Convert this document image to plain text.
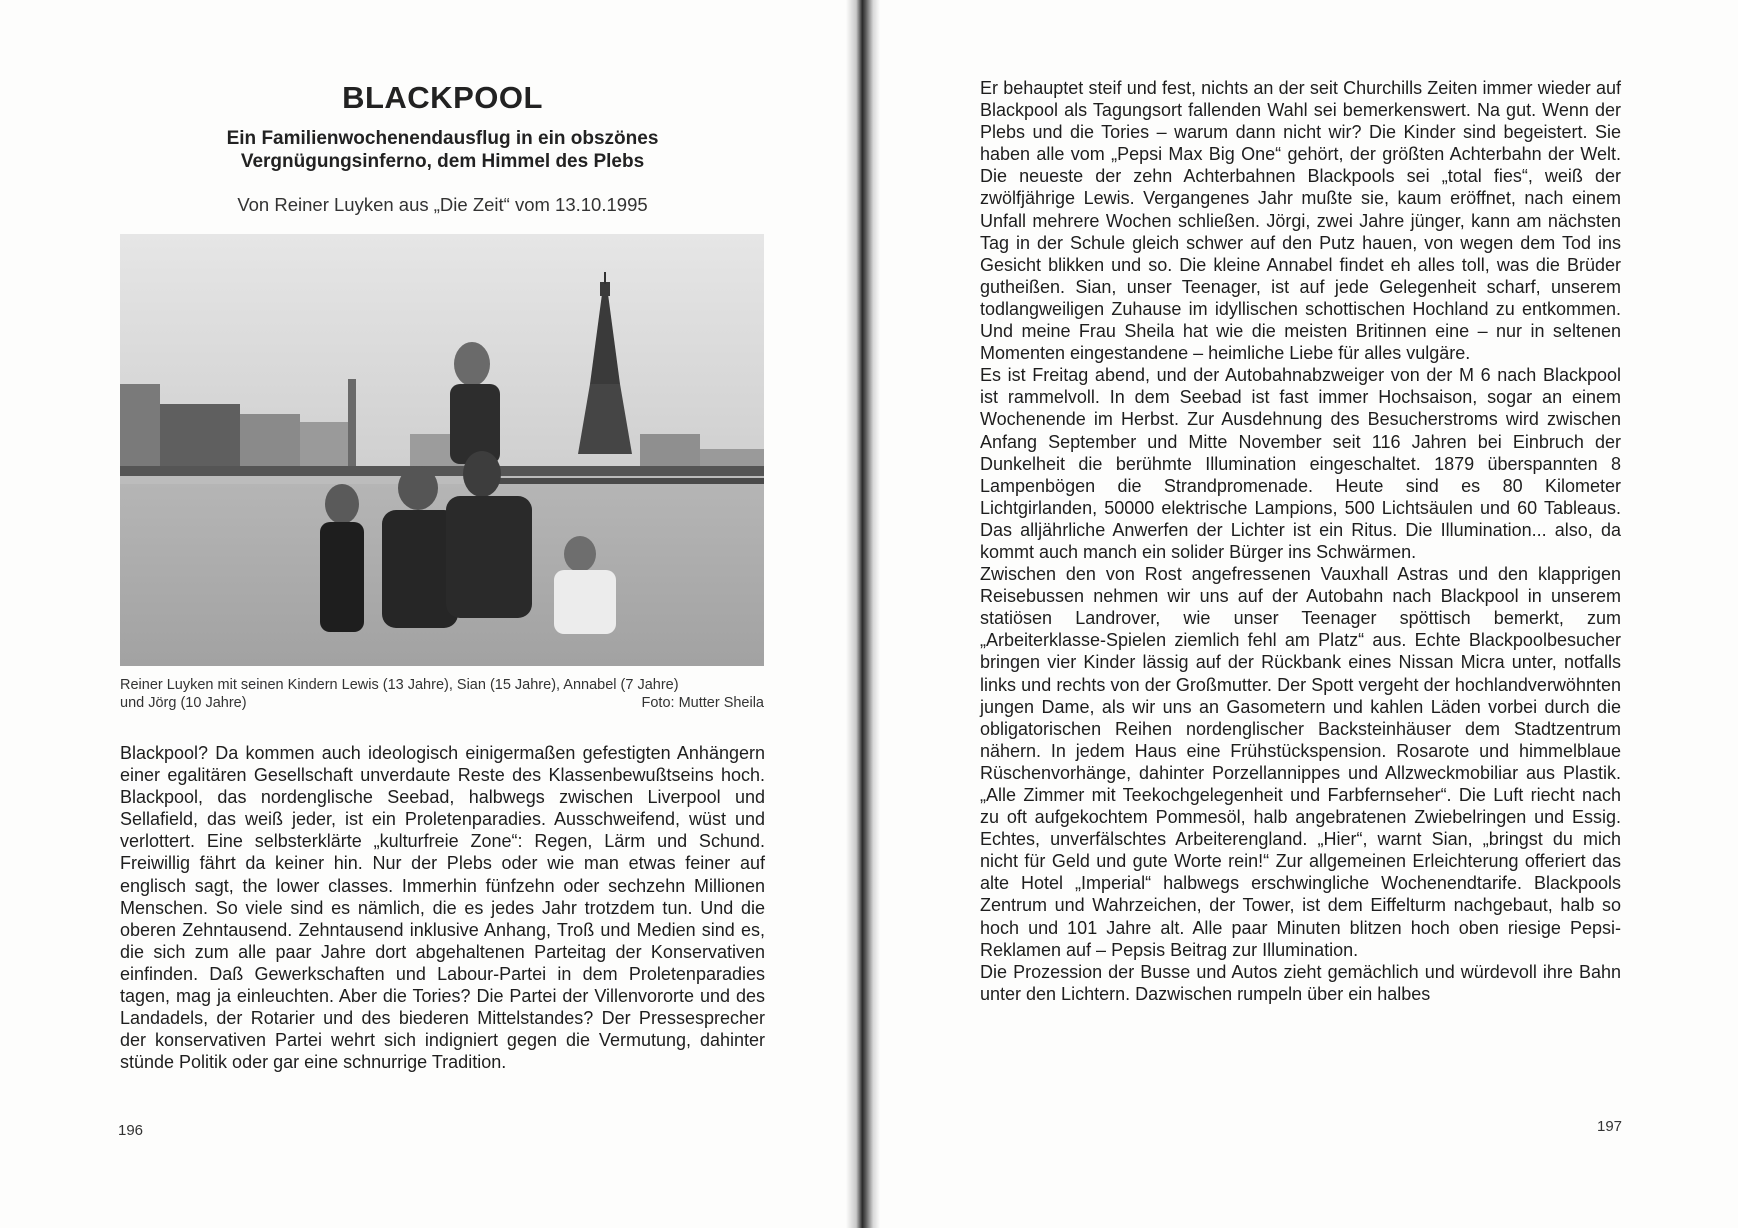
BLACKPOOL
Ein Familienwochenendausflug in ein obszönes
Vergnügungsinferno, dem Himmel des Plebs
Von Reiner Luyken aus „Die Zeit“ vom 13.10.1995
Reiner Luyken mit seinen Kindern Lewis (13 Jahre), Sian (15 Jahre), Annabel (7 Jahre)
und Jörg (10 Jahre)	Foto: Mutter Sheila

Blackpool? Da kommen auch ideologisch einigermaßen gefestigten Anhängern einer egalitären Gesellschaft unverdaute Reste des Klassenbewußtseins hoch. Blackpool, das nordenglische Seebad, halbwegs zwischen Liverpool und Sellafield, das weiß jeder, ist ein Proletenparadies. Ausschweifend, wüst und verlottert. Eine selbsterklärte „kulturfreie Zone“: Regen, Lärm und Schund. Freiwillig fährt da keiner hin. Nur der Plebs oder wie man etwas feiner auf englisch sagt, the lower classes. Immerhin fünfzehn oder sechzehn Millionen Menschen. So viele sind es nämlich, die es jedes Jahr trotzdem tun. Und die oberen Zehntausend. Zehntausend inklusive Anhang, Troß und Medien sind es, die sich zum alle paar Jahre dort abgehaltenen Parteitag der Konservativen einfinden. Daß Gewerkschaften und Labour-Partei in dem Proletenparadies tagen, mag ja einleuchten. Aber die Tories? Die Partei der Villenvororte und des Landadels, der Rotarier und des biederen Mittelstandes? Der Pressesprecher der konservativen Partei wehrt sich indigniert gegen die Vermutung, dahinter stünde Politik oder gar eine schnurrige Tradition.

196	197

Er behauptet steif und fest, nichts an der seit Churchills Zeiten immer wieder auf Blackpool als Tagungsort fallenden Wahl sei bemerkenswert. Na gut. Wenn der Plebs und die Tories – warum dann nicht wir? Die Kinder sind begeistert. Sie haben alle vom „Pepsi Max Big One“ gehört, der größten Achterbahn der Welt. Die neueste der zehn Achterbahnen Blackpools sei „total fies“, weiß der zwölfjährige Lewis. Vergangenes Jahr mußte sie, kaum eröffnet, nach einem Unfall mehrere Wochen schließen. Jörgi, zwei Jahre jünger, kann am nächsten Tag in der Schule gleich schwer auf den Putz hauen, von wegen dem Tod ins Gesicht blikken und so. Die kleine Annabel findet eh alles toll, was die Brüder gutheißen. Sian, unser Teenager, ist auf jede Gelegenheit scharf, unserem todlangweiligen Zuhause im idyllischen schottischen Hochland zu entkommen. Und meine Frau Sheila hat wie die meisten Britinnen eine – nur in seltenen Momenten eingestandene – heimliche Liebe für alles vulgäre.

Es ist Freitag abend, und der Autobahnabzweiger von der M 6 nach Blackpool ist rammelvoll. In dem Seebad ist fast immer Hochsaison, sogar an einem Wochenende im Herbst. Zur Ausdehnung des Besucherstroms wird zwischen Anfang September und Mitte November seit 116 Jahren bei Einbruch der Dunkelheit die berühmte Illumination eingeschaltet. 1879 überspannten 8 Lampenbögen die Strandpromenade. Heute sind es 80 Kilometer Lichtgirlanden, 50000 elektrische Lampions, 500 Lichtsäulen und 60 Tableaus. Das alljährliche Anwerfen der Lichter ist ein Ritus. Die Illumination... also, da kommt auch manch ein solider Bürger ins Schwärmen.

Zwischen den von Rost angefressenen Vauxhall Astras und den klapprigen Reisebussen nehmen wir uns auf der Autobahn nach Blackpool in unserem statiösen Landrover, wie unser Teenager spöttisch bemerkt, zum „Arbeiterklasse-Spielen ziemlich fehl am Platz“ aus. Echte Blackpoolbesucher bringen vier Kinder lässig auf der Rückbank eines Nissan Micra unter, notfalls links und rechts von der Großmutter. Der Spott vergeht der hochlandverwöhnten jungen Dame, als wir uns an Gasometern und kahlen Läden vorbei durch die obligatorischen Reihen nordenglischer Backsteinhäuser dem Stadtzentrum nähern. In jedem Haus eine Frühstückspension. Rosarote und himmelblaue Rüschenvorhänge, dahinter Porzellannippes und Allzweckmobiliar aus Plastik. „Alle Zimmer mit Teekochgelegenheit und Farbfernseher“. Die Luft riecht nach zu oft aufgekochtem Pommesöl, halb angebratenen Zwiebelringen und Essig. Echtes, unverfälschtes Arbeiterengland. „Hier“, warnt Sian, „bringst du mich nicht für Geld und gute Worte rein!“ Zur allgemeinen Erleichterung offeriert das alte Hotel „Imperial“ halbwegs erschwingliche Wochenendtarife. Blackpools Zentrum und Wahrzeichen, der Tower, ist dem Eiffelturm nachgebaut, halb so hoch und 101 Jahre alt. Alle paar Minuten blitzen hoch oben riesige Pepsi-Reklamen auf – Pepsis Beitrag zur Illumination.

Die Prozession der Busse und Autos zieht gemächlich und würdevoll ihre Bahn unter den Lichtern. Dazwischen rumpeln über ein halbes
